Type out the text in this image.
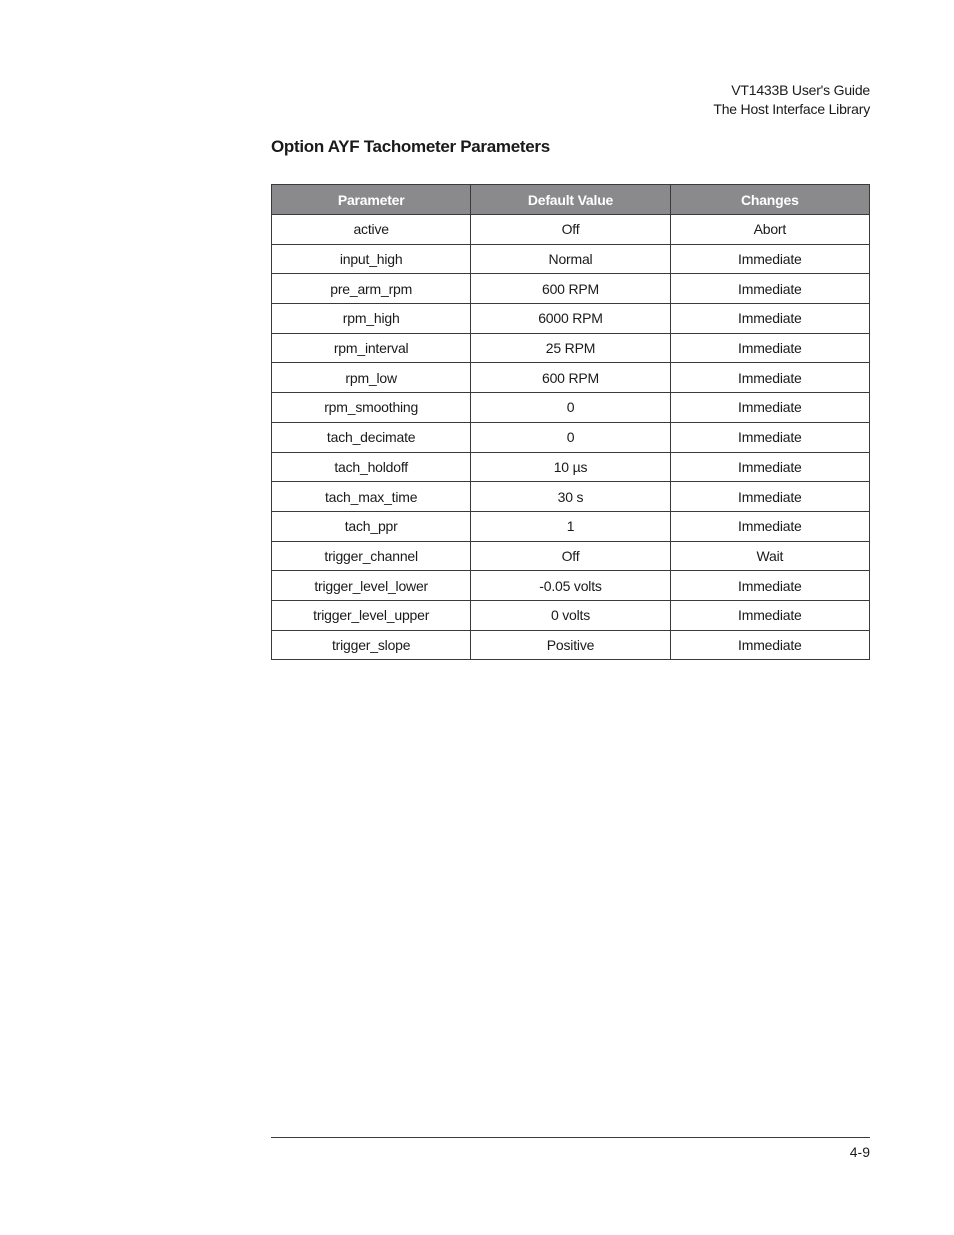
VT1433B User's Guide
The Host Interface Library
Option AYF Tachometer Parameters
Parameter	Default Value	Changes
active	Off	Abort
input_high	Normal	Immediate
pre_arm_rpm	600 RPM	Immediate
rpm_high	6000 RPM	Immediate
rpm_interval	25 RPM	Immediate
rpm_low	600 RPM	Immediate
rpm_smoothing	0	Immediate
tach_decimate	0	Immediate
tach_holdoff	10 µs	Immediate
tach_max_time	30 s	Immediate
tach_ppr	1	Immediate
trigger_channel	Off	Wait
trigger_level_lower	-0.05 volts	Immediate
trigger_level_upper	0 volts	Immediate
trigger_slope	Positive	Immediate
4-9
